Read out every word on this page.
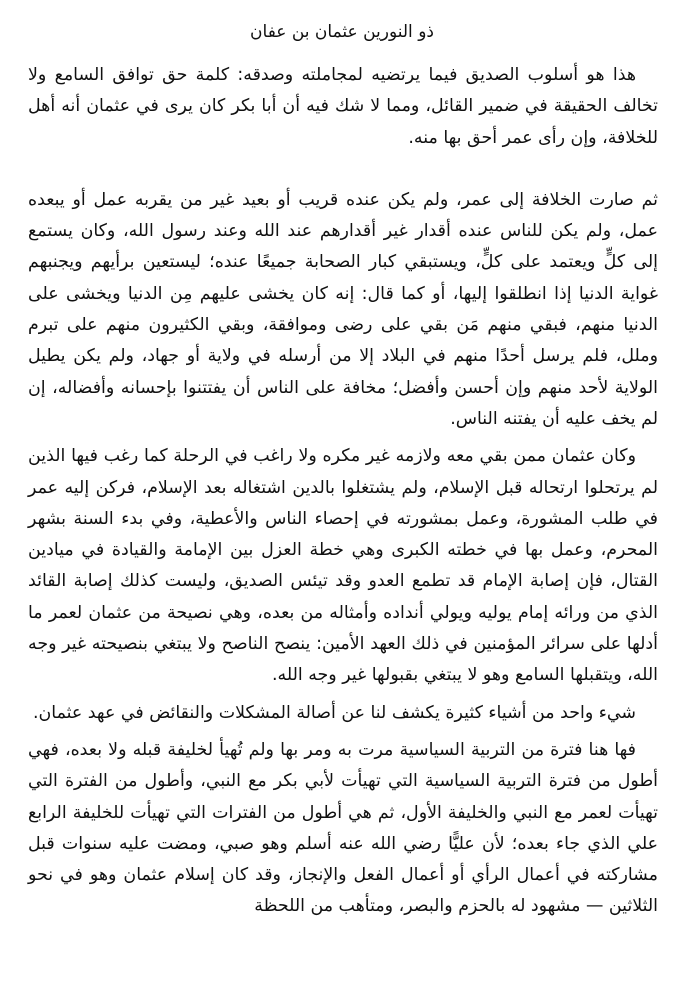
ذو النورين عثمان بن عفان

هذا هو أسلوب الصديق فيما يرتضيه لمجاملته وصدقه: كلمة حق توافق السامع ولا تخالف الحقيقة في ضمير القائل، ومما لا شك فيه أن أبا بكر كان يرى في عثمان أنه أهل للخلافة، وإن رأى عمر أحق بها منه.

ثم صارت الخلافة إلى عمر، ولم يكن عنده قريب أو بعيد غير من يقربه عمل أو يبعده عمل، ولم يكن للناس عنده أقدار غير أقدارهم عند الله وعند رسول الله، وكان يستمع إلى كلٍّ ويعتمد على كلٍّ، ويستبقي كبار الصحابة جميعًا عنده؛ ليستعين برأيهم ويجنبهم غواية الدنيا إذا انطلقوا إليها، أو كما قال: إنه كان يخشى عليهم مِن الدنيا ويخشى على الدنيا منهم، فبقي منهم مَن بقي على رضى وموافقة، وبقي الكثيرون منهم على تبرم وملل، فلم يرسل أحدًا منهم في البلاد إلا من أرسله في ولاية أو جهاد، ولم يكن يطيل الولاية لأحد منهم وإن أحسن وأفضل؛ مخافة على الناس أن يفتتنوا بإحسانه وأفضاله، إن لم يخف عليه أن يفتنه الناس.

وكان عثمان ممن بقي معه ولازمه غير مكره ولا راغب في الرحلة كما رغب فيها الذين لم يرتحلوا ارتحاله قبل الإسلام، ولم يشتغلوا بالدين اشتغاله بعد الإسلام، فركن إليه عمر في طلب المشورة، وعمل بمشورته في إحصاء الناس والأعطية، وفي بدء السنة بشهر المحرم، وعمل بها في خطته الكبرى وهي خطة العزل بين الإمامة والقيادة في ميادين القتال، فإن إصابة الإمام قد تطمع العدو وقد تيئس الصديق، وليست كذلك إصابة القائد الذي من ورائه إمام يوليه ويولي أنداده وأمثاله من بعده، وهي نصيحة من عثمان لعمر ما أدلها على سرائر المؤمنين في ذلك العهد الأمين: ينصح الناصح ولا يبتغي بنصيحته غير وجه الله، ويتقبلها السامع وهو لا يبتغي بقبولها غير وجه الله.

شيء واحد من أشياء كثيرة يكشف لنا عن أصالة المشكلات والنقائض في عهد عثمان.

فها هنا فترة من التربية السياسية مرت به ومر بها ولم تُهيأ لخليفة قبله ولا بعده، فهي أطول من فترة التربية السياسية التي تهيأت لأبي بكر مع النبي، وأطول من الفترة التي تهيأت لعمر مع النبي والخليفة الأول، ثم هي أطول من الفترات التي تهيأت للخليفة الرابع علي الذي جاء بعده؛ لأن عليًّا رضي الله عنه أسلم وهو صبي، ومضت عليه سنوات قبل مشاركته في أعمال الرأي أو أعمال الفعل والإنجاز، وقد كان إسلام عثمان وهو في نحو الثلاثين — مشهود له بالحزم والبصر، ومتأهب من اللحظة
